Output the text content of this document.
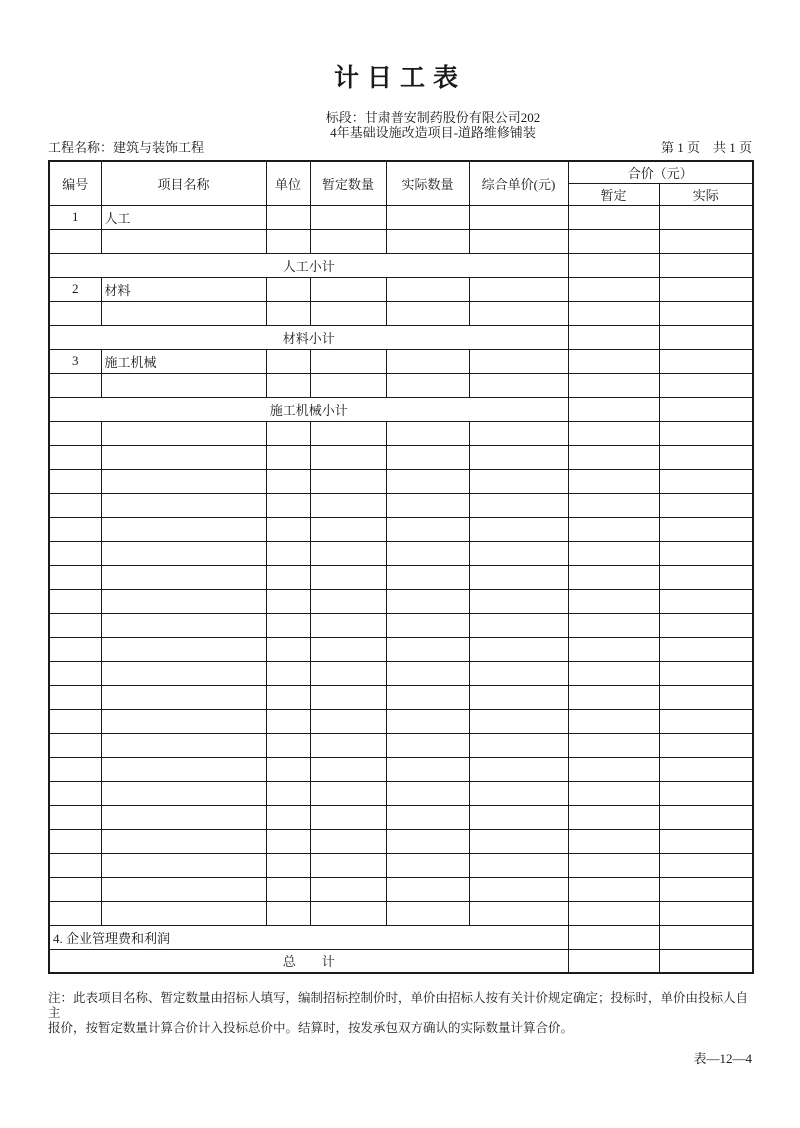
计日工表
标段：甘肃普安制药股份有限公司202
4年基础设施改造项目-道路维修铺装
工程名称：建筑与装饰工程	第 1 页　共 1 页
编号	项目名称	单位	暂定数量	实际数量	综合单价(元)	合价（元）	
						暂定	实际
1	人工						

人工小计							
2	材料						

材料小计							
3	施工机械						

施工机械小计							

4. 企业管理费和利润							
总　　计							
注：此表项目名称、暂定数量由招标人填写，编制招标控制价时，单价由招标人按有关计价规定确定；投标时，单价由投标人自主
报价，按暂定数量计算合价计入投标总价中。结算时，按发承包双方确认的实际数量计算合价。
表—12—4
